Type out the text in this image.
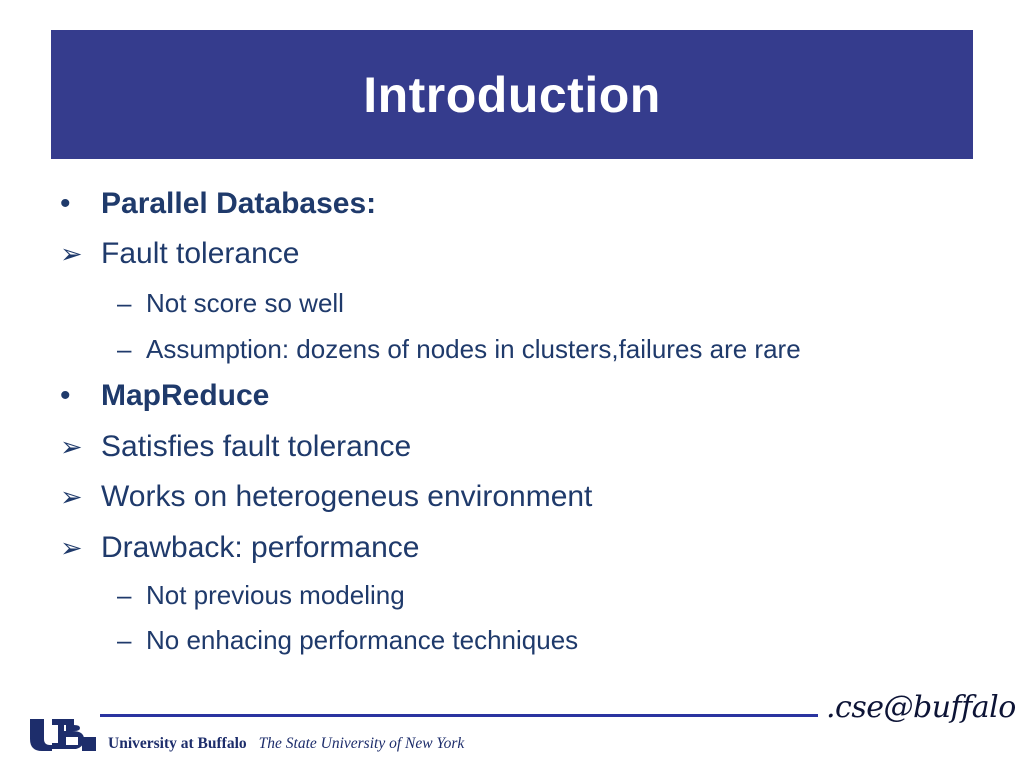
Introduction
•	Parallel Databases:
➢ Fault tolerance
– Not score so well
– Assumption: dozens of nodes in clusters,failures are rare
•	MapReduce
➢ Satisfies fault tolerance
➢ Works on heterogeneus environment
➢ Drawback: performance
– Not previous modeling
– No enhacing performance techniques
University at Buffalo The State University of New York
.cse@buffalo
